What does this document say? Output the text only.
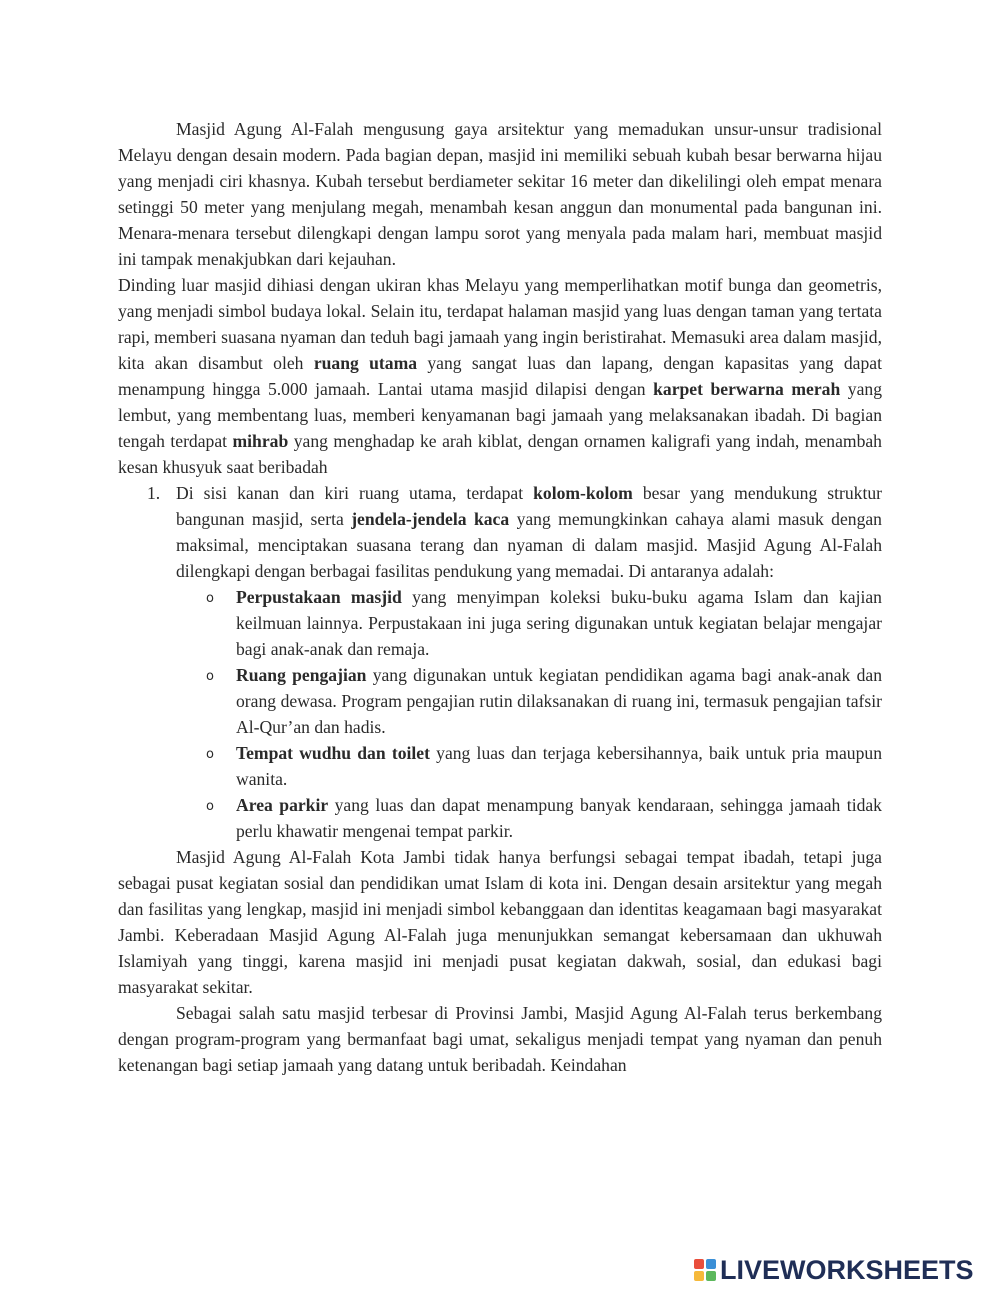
Masjid Agung Al-Falah mengusung gaya arsitektur yang memadukan unsur-unsur tradisional Melayu dengan desain modern. Pada bagian depan, masjid ini memiliki sebuah kubah besar berwarna hijau yang menjadi ciri khasnya. Kubah tersebut berdiameter sekitar 16 meter dan dikelilingi oleh empat menara setinggi 50 meter yang menjulang megah, menambah kesan anggun dan monumental pada bangunan ini. Menara-menara tersebut dilengkapi dengan lampu sorot yang menyala pada malam hari, membuat masjid ini tampak menakjubkan dari kejauhan.

Dinding luar masjid dihiasi dengan ukiran khas Melayu yang memperlihatkan motif bunga dan geometris, yang menjadi simbol budaya lokal. Selain itu, terdapat halaman masjid yang luas dengan taman yang tertata rapi, memberi suasana nyaman dan teduh bagi jamaah yang ingin beristirahat. Memasuki area dalam masjid, kita akan disambut oleh ruang utama yang sangat luas dan lapang, dengan kapasitas yang dapat menampung hingga 5.000 jamaah. Lantai utama masjid dilapisi dengan karpet berwarna merah yang lembut, yang membentang luas, memberi kenyamanan bagi jamaah yang melaksanakan ibadah. Di bagian tengah terdapat mihrab yang menghadap ke arah kiblat, dengan ornamen kaligrafi yang indah, menambah kesan khusyuk saat beribadah

1. Di sisi kanan dan kiri ruang utama, terdapat kolom-kolom besar yang mendukung struktur bangunan masjid, serta jendela-jendela kaca yang memungkinkan cahaya alami masuk dengan maksimal, menciptakan suasana terang dan nyaman di dalam masjid. Masjid Agung Al-Falah dilengkapi dengan berbagai fasilitas pendukung yang memadai. Di antaranya adalah:

o Perpustakaan masjid yang menyimpan koleksi buku-buku agama Islam dan kajian keilmuan lainnya. Perpustakaan ini juga sering digunakan untuk kegiatan belajar mengajar bagi anak-anak dan remaja.

o Ruang pengajian yang digunakan untuk kegiatan pendidikan agama bagi anak-anak dan orang dewasa. Program pengajian rutin dilaksanakan di ruang ini, termasuk pengajian tafsir Al-Qur’an dan hadis.

o Tempat wudhu dan toilet yang luas dan terjaga kebersihannya, baik untuk pria maupun wanita.

o Area parkir yang luas dan dapat menampung banyak kendaraan, sehingga jamaah tidak perlu khawatir mengenai tempat parkir.

Masjid Agung Al-Falah Kota Jambi tidak hanya berfungsi sebagai tempat ibadah, tetapi juga sebagai pusat kegiatan sosial dan pendidikan umat Islam di kota ini. Dengan desain arsitektur yang megah dan fasilitas yang lengkap, masjid ini menjadi simbol kebanggaan dan identitas keagamaan bagi masyarakat Jambi. Keberadaan Masjid Agung Al-Falah juga menunjukkan semangat kebersamaan dan ukhuwah Islamiyah yang tinggi, karena masjid ini menjadi pusat kegiatan dakwah, sosial, dan edukasi bagi masyarakat sekitar.

Sebagai salah satu masjid terbesar di Provinsi Jambi, Masjid Agung Al-Falah terus berkembang dengan program-program yang bermanfaat bagi umat, sekaligus menjadi tempat yang nyaman dan penuh ketenangan bagi setiap jamaah yang datang untuk beribadah. Keindahan

LIVEWORKSHEETS
